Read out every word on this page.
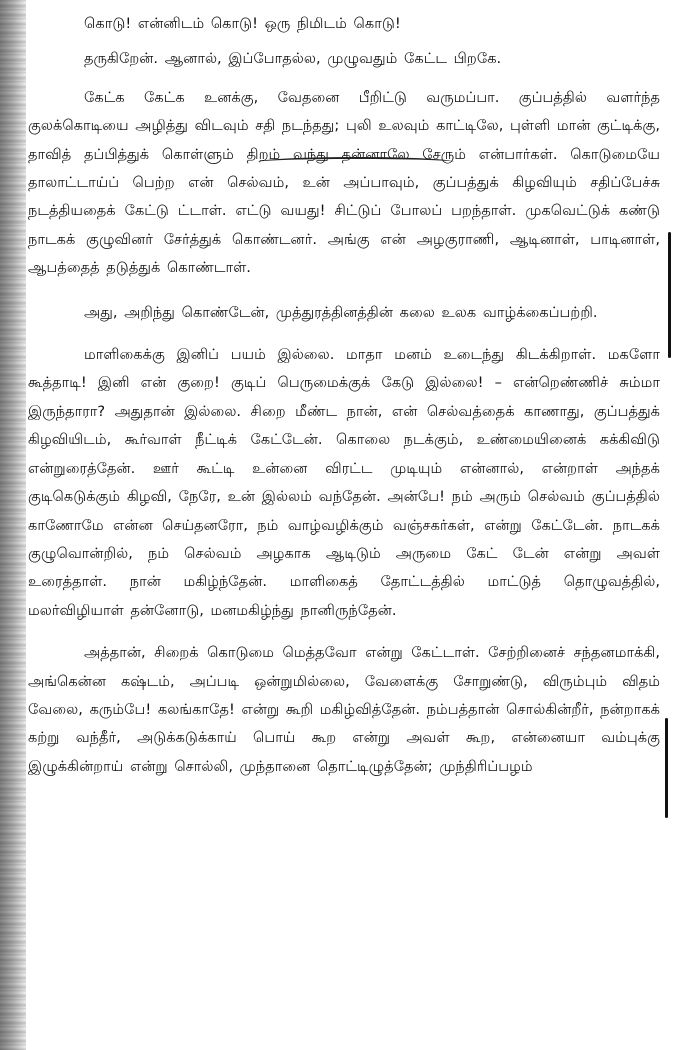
கொடு! என்னிடம் கொடு! ஒரு நிமிடம் கொடு!

தருகிறேன். ஆனால், இப்போதல்ல, முழுவதும் கேட்ட பிறகே.

கேட்க கேட்க உனக்கு, வேதனை பீறிட்டு வருமப்பா. குப்பத்தில் வளர்ந்த குலக்கொடியை அழித்து விடவும் சதி நடந்தது; புலி உலவும் காட்டிலே, புள்ளி மான் குட்டிக்கு, தாவித் தப்பித்துக் கொள்ளும் திறம் வந்து தன்னாலே சேரும் என்பார்கள். கொடுமையே தாலாட்டாய்ப் பெற்ற என் செல்வம், உன் அப்பாவும், குப்பத்துக் கிழவியும் சதிப்பேச்சு நடத்தியதைக் கேட்டு ட்டாள். எட்டு வயது! சிட்டுப் போலப் பறந்தாள். முகவெட்டுக் கண்டு நாடகக் குழுவினர் சேர்த்துக் கொண்டனர். அங்கு என் அழகுராணி, ஆடினாள், பாடினாள், ஆபத்தைத் தடுத்துக் கொண்டாள்.

அது, அறிந்து கொண்டேன், முத்துரத்தினத்தின் கலை உலக வாழ்க்கைப்பற்றி.

மாளிகைக்கு இனிப் பயம் இல்லை. மாதா மனம் உடைந்து கிடக்கிறாள். மகளோ கூத்தாடி! இனி என் குறை! குடிப் பெருமைக்குக் கேடு இல்லை! – என்றெண்ணிச் சும்மா இருந்தாரா? அதுதான் இல்லை. சிறை மீண்ட நான், என் செல்வத்தைக் காணாது, குப்பத்துக் கிழவியிடம், கூர்வாள் நீட்டிக் கேட்டேன். கொலை நடக்கும், உண்மையினைக் கக்கிவிடு என்றுரைத்தேன். ஊர் கூட்டி உன்னை விரட்ட முடியும் என்னால், என்றாள் அந்தக் குடிகெடுக்கும் கிழவி, நேரே, உன் இல்லம் வந்தேன். அன்பே! நம் அரும் செல்வம் குப்பத்தில் காணோமே என்ன செய்தனரோ, நம் வாழ்வழிக்கும் வஞ்சகர்கள், என்று கேட்டேன். நாடகக் குழுவொன்றில், நம் செல்வம் அழகாக ஆடிடும் அருமை கேட் டேன் என்று அவள் உரைத்தாள். நான் மகிழ்ந்தேன். மாளிகைத் தோட்டத்தில் மாட்டுத் தொழுவத்தில், மலர்விழியாள் தன்னோடு, மனமகிழ்ந்து நானிருந்தேன்.

அத்தான், சிறைக் கொடுமை மெத்தவோ என்று கேட்டாள். சேற்றினைச் சந்தனமாக்கி, அங்கென்ன கஷ்டம், அப்படி ஒன்றுமில்லை, வேளைக்கு சோறுண்டு, விரும்பும் விதம் வேலை, கரும்பே! கலங்காதே! என்று கூறி மகிழ்வித்தேன். நம்பத்தான் சொல்கின்றீர், நன்றாகக் கற்று வந்தீர், அடுக்கடுக்காய் பொய் கூற என்று அவள் கூற, என்னையா வம்புக்கு இழுக்கின்றாய் என்று சொல்லி, முந்தானை தொட்டிழுத்தேன்; முந்திரிப்பழம்
